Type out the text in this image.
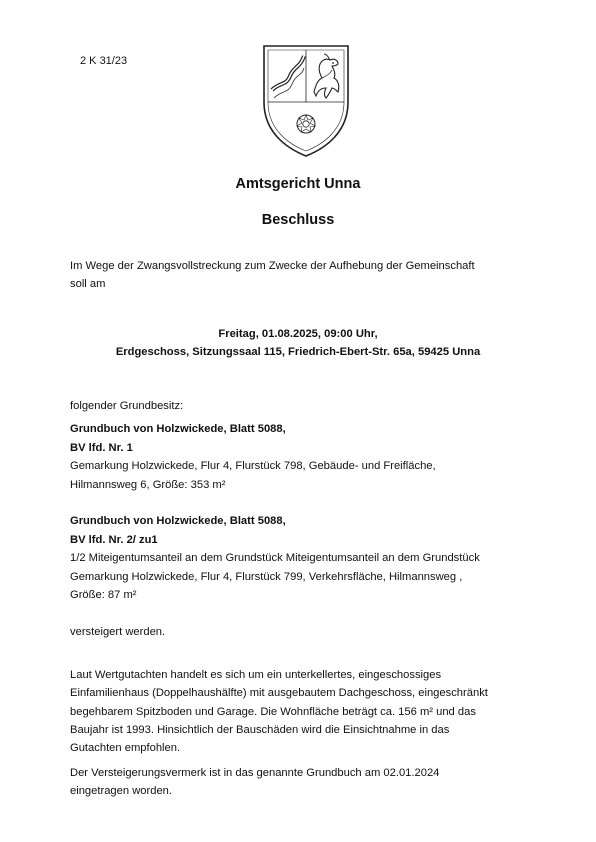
2 K 31/23
Amtsgericht Unna
Beschluss
Im Wege der Zwangsvollstreckung zum Zwecke der Aufhebung der Gemeinschaft
soll am
Freitag, 01.08.2025, 09:00 Uhr,
Erdgeschoss, Sitzungssaal 115, Friedrich-Ebert-Str. 65a, 59425 Unna
folgender Grundbesitz:
Grundbuch von Holzwickede, Blatt 5088,
BV lfd. Nr. 1
Gemarkung Holzwickede, Flur 4, Flurstück 798, Gebäude- und Freifläche,
Hilmannsweg 6, Größe: 353 m²
Grundbuch von Holzwickede, Blatt 5088,
BV lfd. Nr. 2/ zu1
1/2 Miteigentumsanteil an dem Grundstück Miteigentumsanteil an dem Grundstück
Gemarkung Holzwickede, Flur 4, Flurstück 799, Verkehrsfläche, Hilmannsweg ,
Größe: 87 m²
versteigert werden.
Laut Wertgutachten handelt es sich um ein unterkellertes, eingeschossiges
Einfamilienhaus (Doppelhaushälfte) mit ausgebautem Dachgeschoss, eingeschränkt
begehbarem Spitzboden und Garage. Die Wohnfläche beträgt ca. 156 m² und das
Baujahr ist 1993. Hinsichtlich der Bauschäden wird die Einsichtnahme in das
Gutachten empfohlen.
Der Versteigerungsvermerk ist in das genannte Grundbuch am 02.01.2024
eingetragen worden.
